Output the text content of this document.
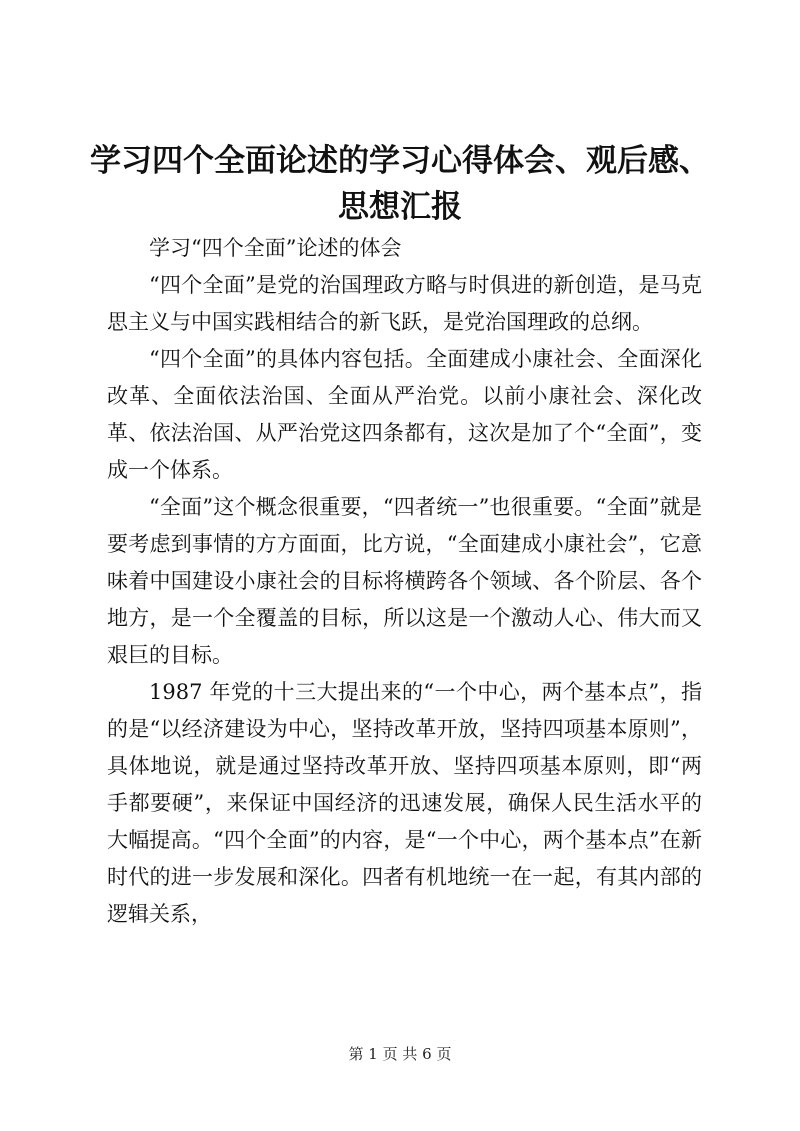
学习四个全面论述的学习心得体会、观后感、
思想汇报

学习“四个全面”论述的体会

“四个全面”是党的治国理政方略与时俱进的新创造，是马克思主义与中国实践相结合的新飞跃，是党治国理政的总纲。

“四个全面”的具体内容包括。全面建成小康社会、全面深化改革、全面依法治国、全面从严治党。以前小康社会、深化改革、依法治国、从严治党这四条都有，这次是加了个“全面”，变成一个体系。

“全面”这个概念很重要，“四者统一”也很重要。“全面”就是要考虑到事情的方方面面，比方说，“全面建成小康社会”，它意味着中国建设小康社会的目标将横跨各个领域、各个阶层、各个地方，是一个全覆盖的目标，所以这是一个激动人心、伟大而又艰巨的目标。

1987 年党的十三大提出来的“一个中心，两个基本点”，指的是“以经济建设为中心，坚持改革开放，坚持四项基本原则”，具体地说，就是通过坚持改革开放、坚持四项基本原则，即“两手都要硬”，来保证中国经济的迅速发展，确保人民生活水平的大幅提高。“四个全面”的内容，是“一个中心，两个基本点”在新时代的进一步发展和深化。四者有机地统一在一起，有其内部的逻辑关系，

第 1 页 共 6 页
